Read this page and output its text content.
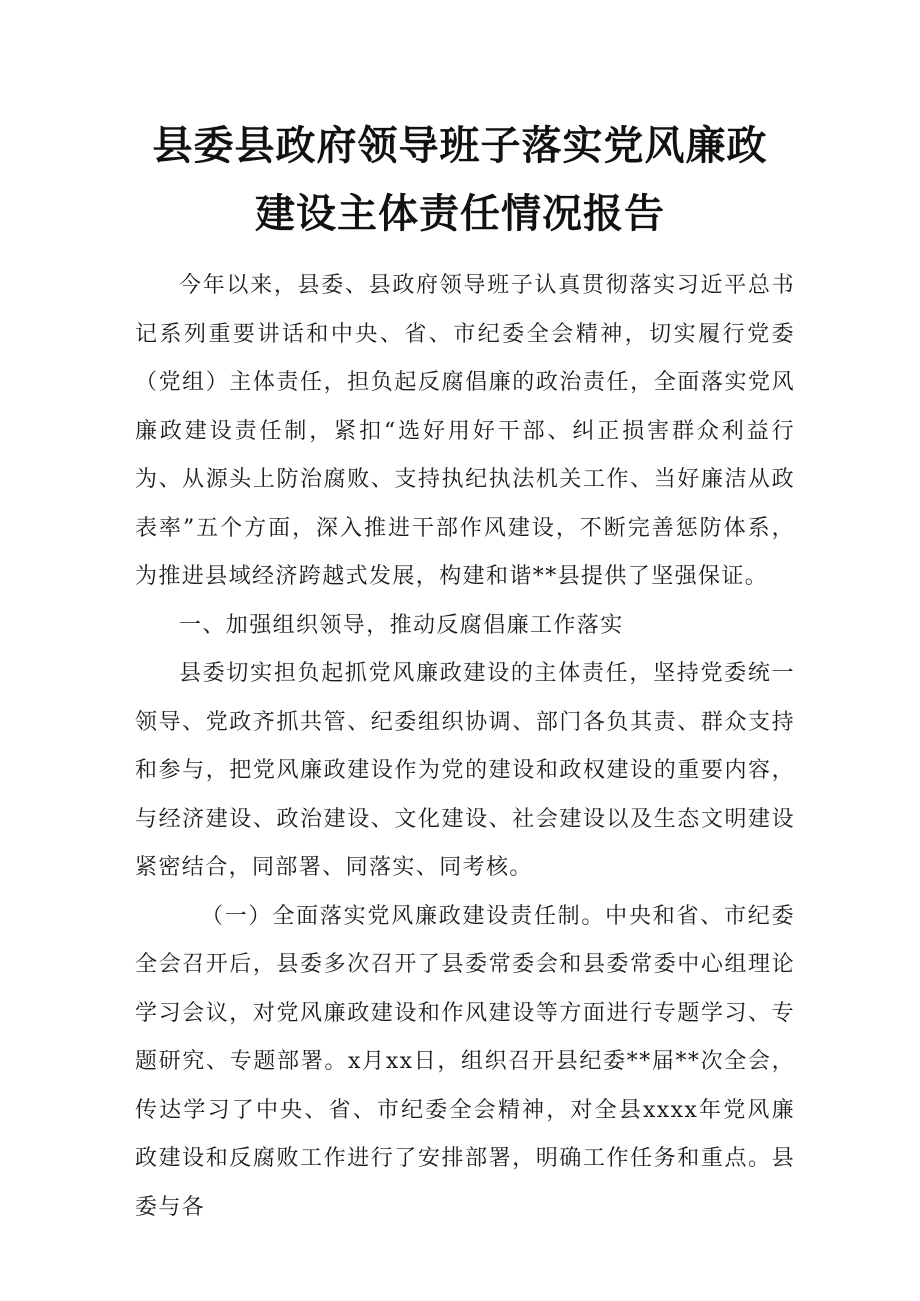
县委县政府领导班子落实党风廉政
建设主体责任情况报告

今年以来，县委、县政府领导班子认真贯彻落实习近平总书记系列重要讲话和中央、省、市纪委全会精神，切实履行党委（党组）主体责任，担负起反腐倡廉的政治责任，全面落实党风廉政建设责任制，紧扣“选好用好干部、纠正损害群众利益行为、从源头上防治腐败、支持执纪执法机关工作、当好廉洁从政表率”五个方面，深入推进干部作风建设，不断完善惩防体系，为推进县域经济跨越式发展，构建和谐**县提供了坚强保证。

一、加强组织领导，推动反腐倡廉工作落实

县委切实担负起抓党风廉政建设的主体责任，坚持党委统一领导、党政齐抓共管、纪委组织协调、部门各负其责、群众支持和参与，把党风廉政建设作为党的建设和政权建设的重要内容，与经济建设、政治建设、文化建设、社会建设以及生态文明建设紧密结合，同部署、同落实、同考核。

（一）全面落实党风廉政建设责任制。中央和省、市纪委全会召开后，县委多次召开了县委常委会和县委常委中心组理论学习会议，对党风廉政建设和作风建设等方面进行专题学习、专题研究、专题部署。x月xx日，组织召开县纪委**届**次全会，传达学习了中央、省、市纪委全会精神，对全县xxxx年党风廉政建设和反腐败工作进行了安排部署，明确工作任务和重点。县委与各
